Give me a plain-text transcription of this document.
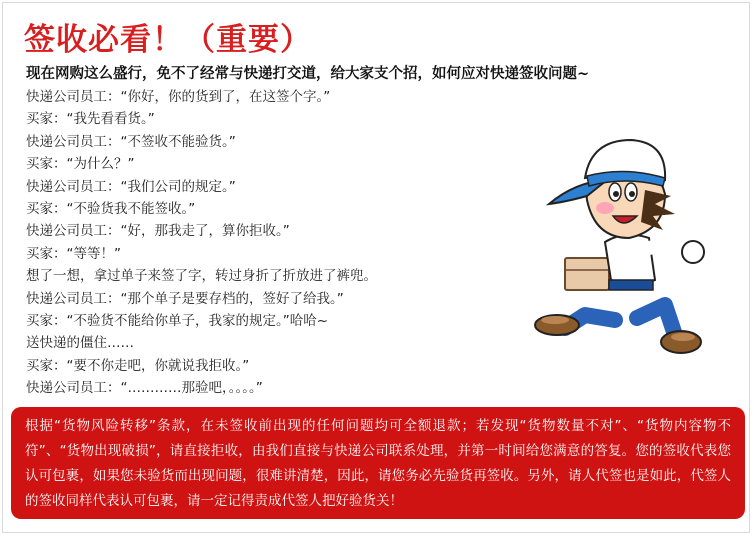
签收必看！（重要）
现在网购这么盛行，免不了经常与快递打交道，给大家支个招，如何应对快递签收问题~
快递公司员工：“你好，你的货到了，在这签个字。”
买家：“我先看看货。”
快递公司员工：“不签收不能验货。”
买家：“为什么？”
快递公司员工：“我们公司的规定。”
买家：“不验货我不能签收。”
快递公司员工：“好，那我走了，算你拒收。”
买家：“等等！”
想了一想，拿过单子来签了字，转过身折了折放进了裤兜。
快递公司员工：“那个单子是要存档的，签好了给我。”
买家：“不验货不能给你单子，我家的规定。”哈哈~
送快递的僵住……
买家：“要不你走吧，你就说我拒收。”
快递公司员工：“…………那验吧，。。。。”

根据“货物风险转移”条款，在未签收前出现的任何问题均可全额退款；若发现“货物数量不对”、“货物内容物不符”、“货物出现破损”，请直接拒收，由我们直接与快递公司联系处理，并第一时间给您满意的答复。您的签收代表您认可包裹，如果您未验货而出现问题，很难讲清楚，因此，请您务必先验货再签收。另外，请人代签也是如此，代签人的签收同样代表认可包裹，请一定记得责成代签人把好验货关！
